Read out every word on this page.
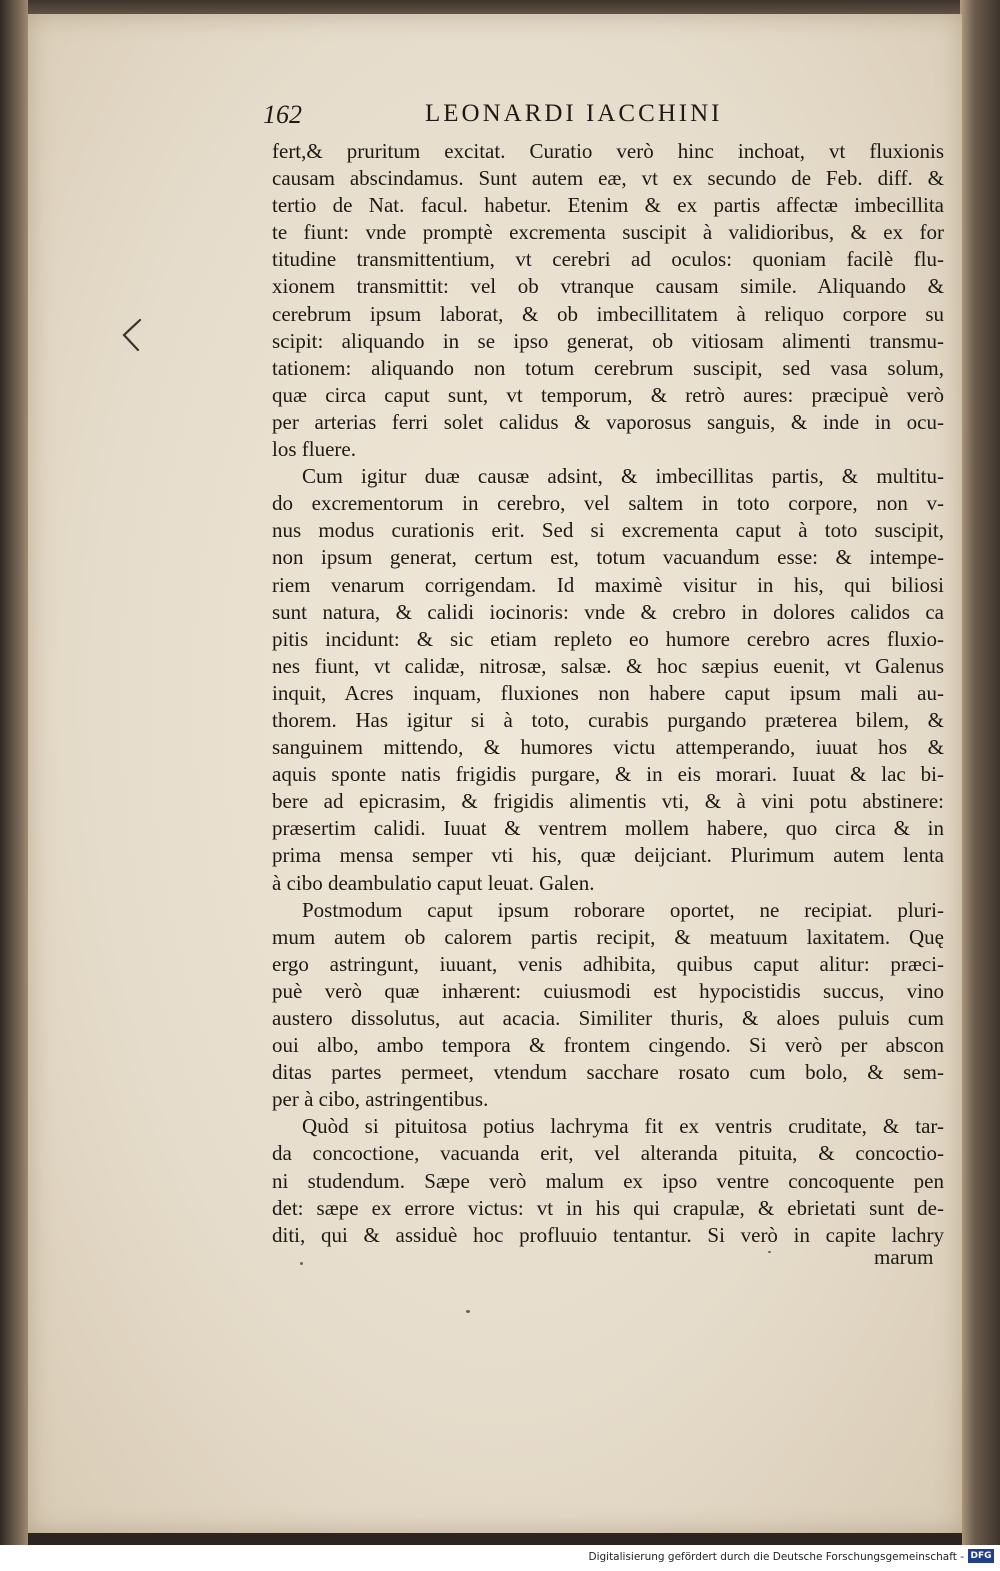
162	LEONARDI IACCHINI
fert,& pruritum excitat. Curatio verò hinc inchoat, vt fluxionis
causam abscindamus. Sunt autem eæ, vt ex secundo de Feb. diff. &
tertio de Nat. facul. habetur. Etenim & ex partis affectæ imbecillita
te fiunt: vnde promptè excrementa suscipit à validioribus, & ex for
titudine transmittentium, vt cerebri ad oculos: quoniam facilè flu-
xionem transmittit: vel ob vtranque causam simile. Aliquando &
cerebrum ipsum laborat, & ob imbecillitatem à reliquo corpore su
scipit: aliquando in se ipso generat, ob vitiosam alimenti transmu-
tationem: aliquando non totum cerebrum suscipit, sed vasa solum,
quæ circa caput sunt, vt temporum, & retrò aures: præcipuè verò
per arterias ferri solet calidus & vaporosus sanguis, & inde in ocu-
los fluere.
Cum igitur duæ causæ adsint, & imbecillitas partis, & multitu-
do excrementorum in cerebro, vel saltem in toto corpore, non v-
nus modus curationis erit. Sed si excrementa caput à toto suscipit,
non ipsum generat, certum est, totum vacuandum esse: & intempe-
riem venarum corrigendam. Id maximè visitur in his, qui biliosi
sunt natura, & calidi iocinoris: vnde & crebro in dolores calidos ca
pitis incidunt: & sic etiam repleto eo humore cerebro acres fluxio-
nes fiunt, vt calidæ, nitrosæ, salsæ. & hoc sæpius euenit, vt Galenus
inquit, Acres inquam, fluxiones non habere caput ipsum mali au-
thorem. Has igitur si à toto, curabis purgando præterea bilem, &
sanguinem mittendo, & humores victu attemperando, iuuat hos &
aquis sponte natis frigidis purgare, & in eis morari. Iuuat & lac bi-
bere ad epicrasim, & frigidis alimentis vti, & à vini potu abstinere:
præsertim calidi. Iuuat & ventrem mollem habere, quo circa & in
prima mensa semper vti his, quæ deijciant. Plurimum autem lenta
à cibo deambulatio caput leuat. Galen.
Postmodum caput ipsum roborare oportet, ne recipiat. pluri-
mum autem ob calorem partis recipit, & meatuum laxitatem. Quę
ergo astringunt, iuuant, venis adhibita, quibus caput alitur: præci-
puè verò quæ inhærent: cuiusmodi est hypocistidis succus, vino
austero dissolutus, aut acacia. Similiter thuris, & aloes puluis cum
oui albo, ambo tempora & frontem cingendo. Si verò per abscon
ditas partes permeet, vtendum sacchare rosato cum bolo, & sem-
per à cibo, astringentibus.
Quòd si pituitosa potius lachryma fit ex ventris cruditate, & tar-
da concoctione, vacuanda erit, vel alteranda pituita, & concoctio-
ni studendum. Sæpe verò malum ex ipso ventre concoquente pen
det: sæpe ex errore victus: vt in his qui crapulæ, & ebrietati sunt de-
diti, qui & assiduè hoc profluuio tentantur. Si verò in capite lachry
marum
Digitalisierung gefördert durch die Deutsche Forschungsgemeinschaft - DFG
